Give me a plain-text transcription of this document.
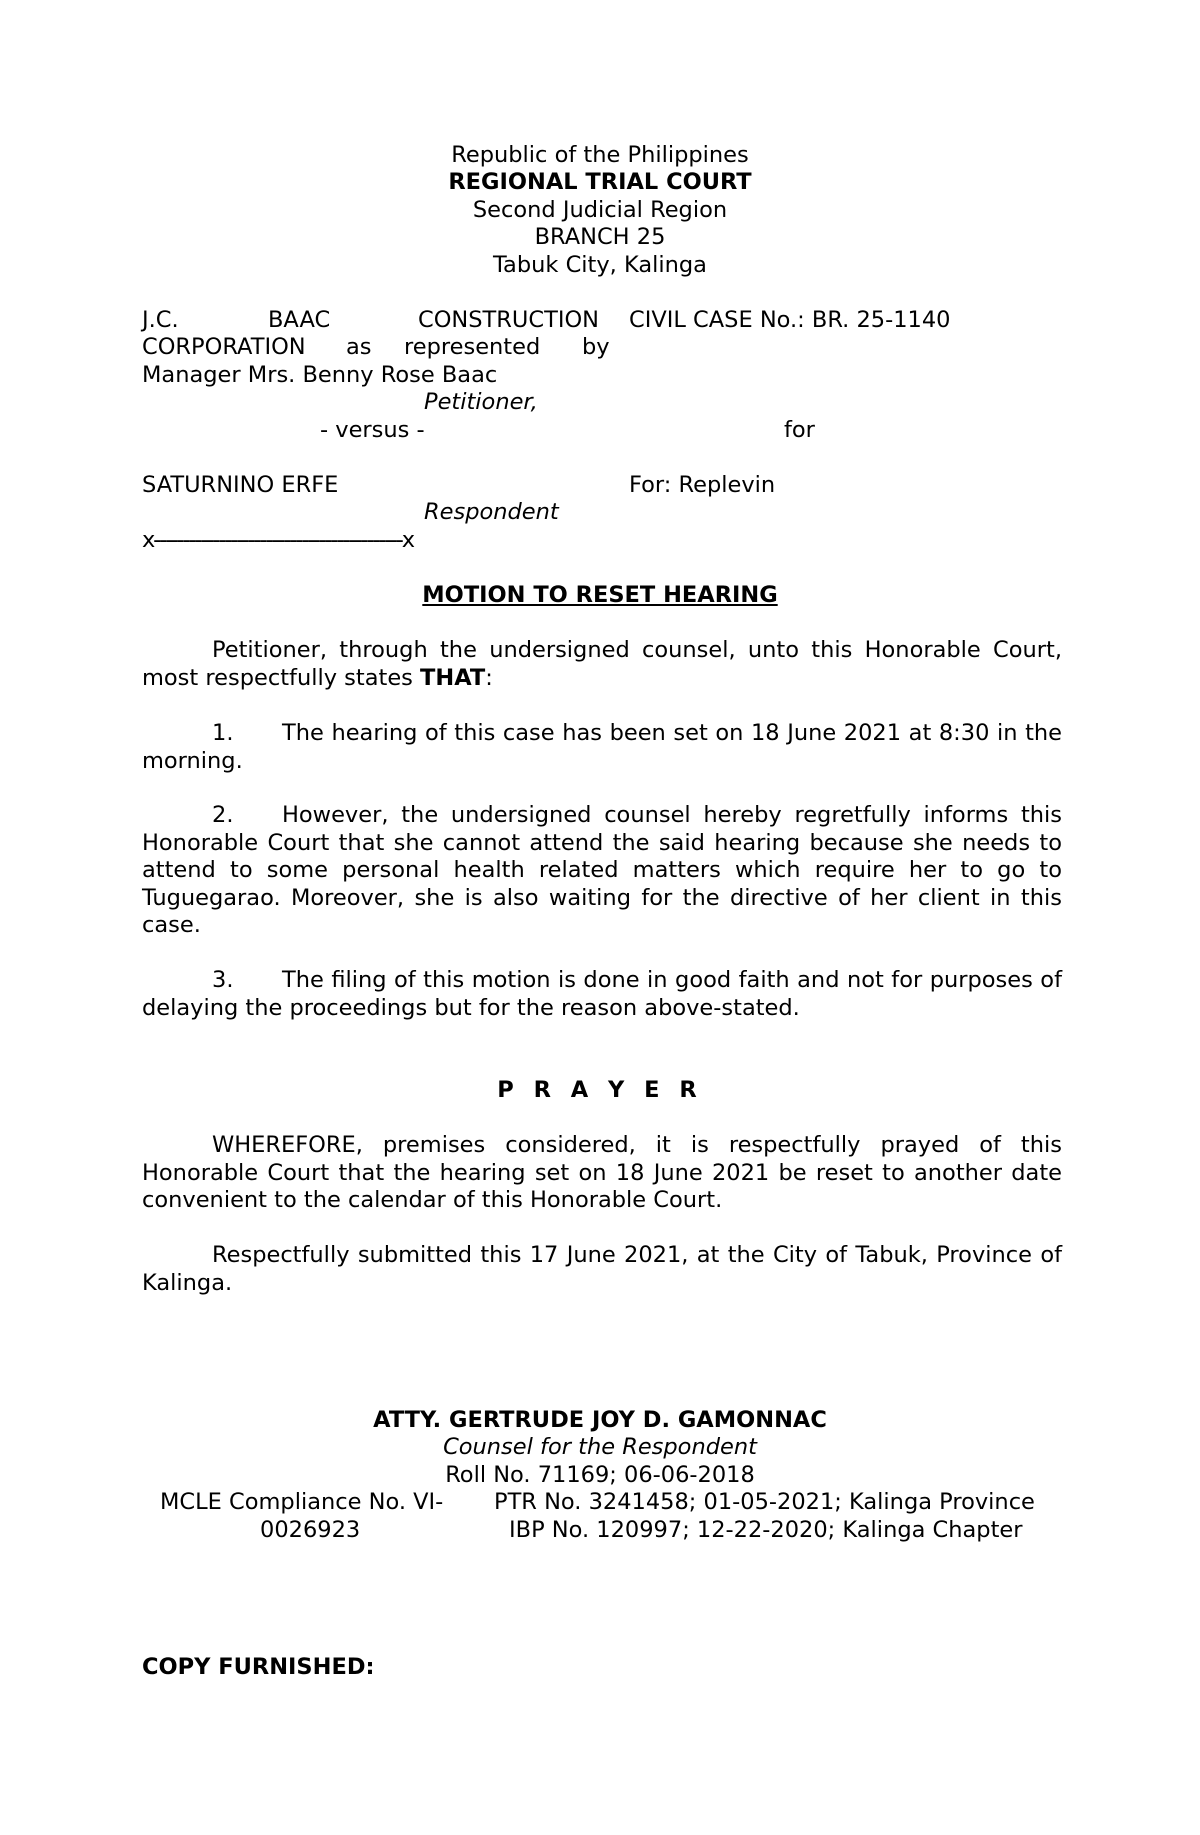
Republic of the Philippines
REGIONAL TRIAL COURT
Second Judicial Region
BRANCH 25
Tabuk City, Kalinga
J.C.	BAAC	CONSTRUCTION
CORPORATION as represented by
Manager Mrs. Benny Rose Baac
Petitioner,
- versus -
CIVIL CASE No.: BR. 25-1140
for
SATURNINO ERFE	For: Replevin
Respondent
x------------------------------------------x
MOTION TO RESET HEARING
Petitioner, through the undersigned counsel, unto this Honorable Court, most respectfully states THAT:
1. The hearing of this case has been set on 18 June 2021 at 8:30 in the morning.
2. However, the undersigned counsel hereby regretfully informs this Honorable Court that she cannot attend the said hearing because she needs to attend to some personal health related matters which require her to go to Tuguegarao. Moreover, she is also waiting for the directive of her client in this case.
3. The filing of this motion is done in good faith and not for purposes of delaying the proceedings but for the reason above-stated.
P R A Y E R
WHEREFORE, premises considered, it is respectfully prayed of this Honorable Court that the hearing set on 18 June 2021 be reset to another date convenient to the calendar of this Honorable Court.
Respectfully submitted this 17 June 2021, at the City of Tabuk, Province of Kalinga.
ATTY. GERTRUDE JOY D. GAMONNAC
Counsel for the Respondent
Roll No. 71169; 06-06-2018
MCLE Compliance No. VI-
0026923
PTR No. 3241458; 01-05-2021; Kalinga Province
IBP No. 120997; 12-22-2020; Kalinga Chapter
COPY FURNISHED:
